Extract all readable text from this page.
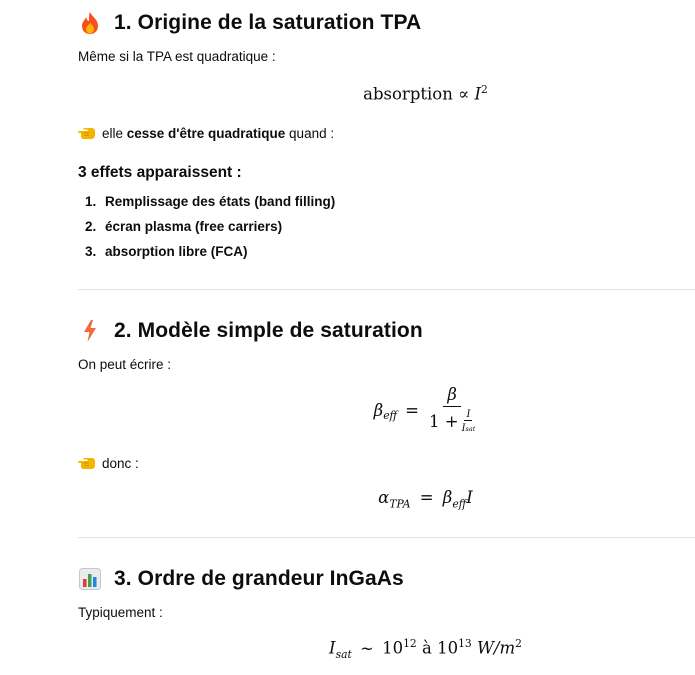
1. Origine de la saturation TPA

Même si la TPA est quadratique :

absorption ∝ $I^2$

elle cesse d'être quadratique quand :

3 effets apparaissent :
1. Remplissage des états (band filling)
2. écran plasma (free carriers)
3. absorption libre (FCA)
2. Modèle simple de saturation

On peut écrire :

$\beta_{eff} = \frac{\beta}{1 + \frac{I}{\text{I sat}}}$

donc :

$\alpha_{TPA} = \beta_{eff}I$
3. Ordre de grandeur InGaAs

Typiquement :

$I_{sat}$ ∼ $10^{12}$ à $10^{13}$ $W/m^2$
